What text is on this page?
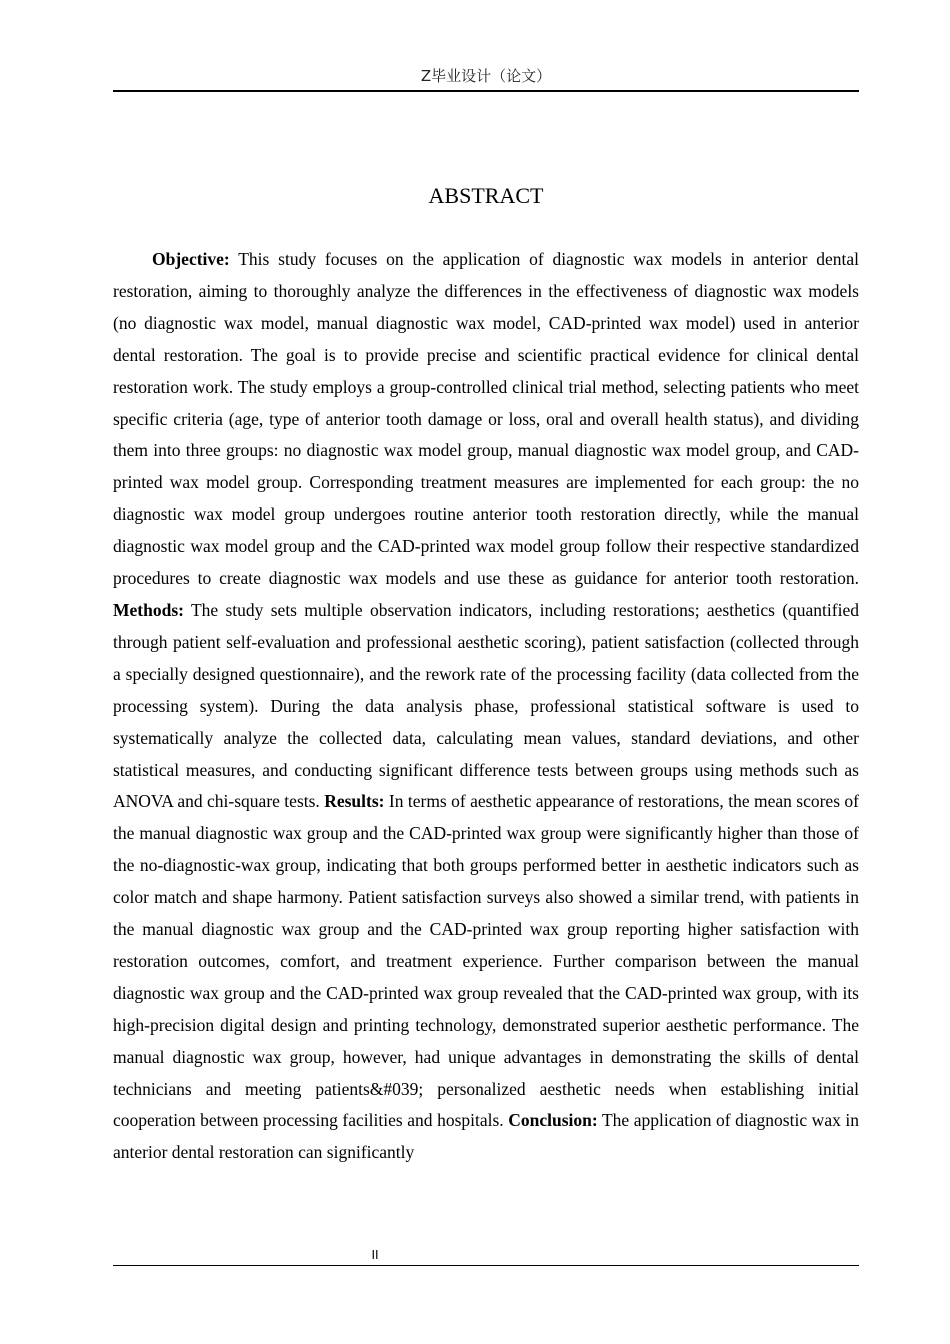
Z毕业设计（论文）
ABSTRACT

Objective: This study focuses on the application of diagnostic wax models in anterior dental restoration, aiming to thoroughly analyze the differences in the effectiveness of diagnostic wax models (no diagnostic wax model, manual diagnostic wax model, CAD-printed wax model) used in anterior dental restoration. The goal is to provide precise and scientific practical evidence for clinical dental restoration work. The study employs a group-controlled clinical trial method, selecting patients who meet specific criteria (age, type of anterior tooth damage or loss, oral and overall health status), and dividing them into three groups: no diagnostic wax model group, manual diagnostic wax model group, and CAD-printed wax model group. Corresponding treatment measures are implemented for each group: the no diagnostic wax model group undergoes routine anterior tooth restoration directly, while the manual diagnostic wax model group and the CAD-printed wax model group follow their respective standardized procedures to create diagnostic wax models and use these as guidance for anterior tooth restoration. Methods: The study sets multiple observation indicators, including restorations; aesthetics (quantified through patient self-evaluation and professional aesthetic scoring), patient satisfaction (collected through a specially designed questionnaire), and the rework rate of the processing facility (data collected from the processing system). During the data analysis phase, professional statistical software is used to systematically analyze the collected data, calculating mean values, standard deviations, and other statistical measures, and conducting significant difference tests between groups using methods such as ANOVA and chi-square tests. Results: In terms of aesthetic appearance of restorations, the mean scores of the manual diagnostic wax group and the CAD-printed wax group were significantly higher than those of the no-diagnostic-wax group, indicating that both groups performed better in aesthetic indicators such as color match and shape harmony. Patient satisfaction surveys also showed a similar trend, with patients in the manual diagnostic wax group and the CAD-printed wax group reporting higher satisfaction with restoration outcomes, comfort, and treatment experience. Further comparison between the manual diagnostic wax group and the CAD-printed wax group revealed that the CAD-printed wax group, with its high-precision digital design and printing technology, demonstrated superior aesthetic performance. The manual diagnostic wax group, however, had unique advantages in demonstrating the skills of dental technicians and meeting patients&#039; personalized aesthetic needs when establishing initial cooperation between processing facilities and hospitals. Conclusion: The application of diagnostic wax in anterior dental restoration can significantly

II
